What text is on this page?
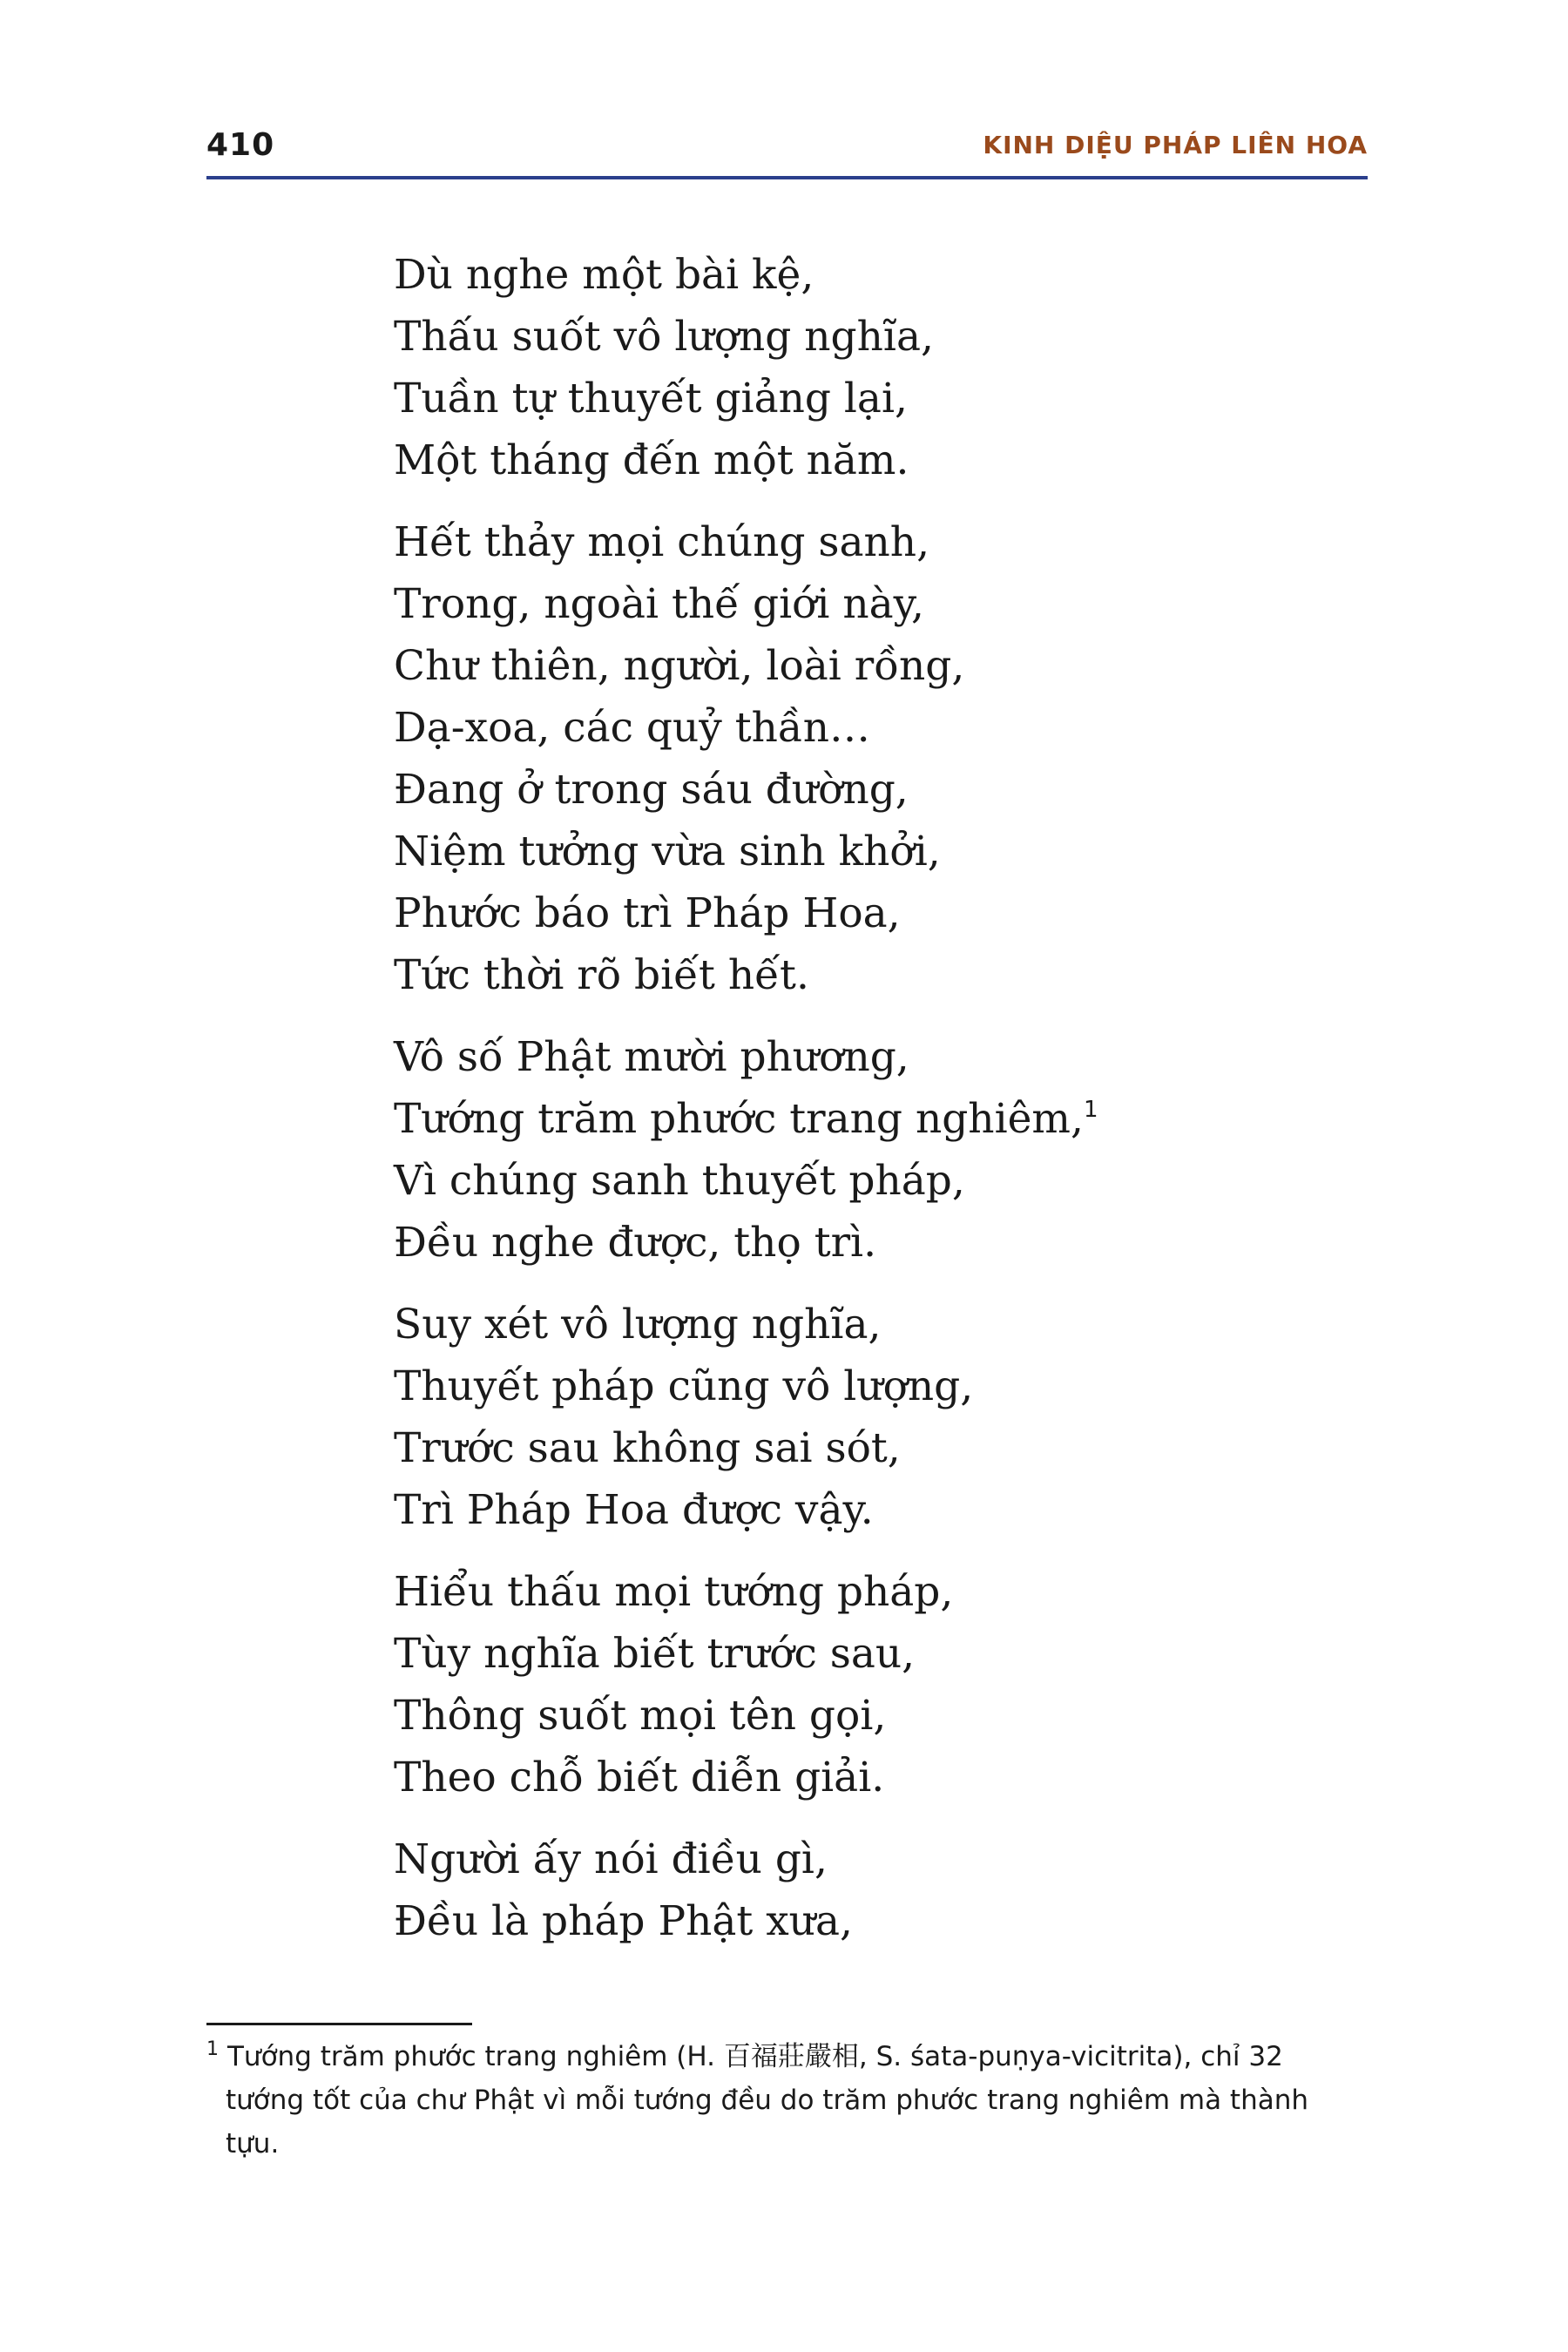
410	KINH DIỆU PHÁP LIÊN HOA
Dù nghe một bài kệ,
Thấu suốt vô lượng nghĩa,
Tuần tự thuyết giảng lại,
Một tháng đến một năm.
Hết thảy mọi chúng sanh,
Trong, ngoài thế giới này,
Chư thiên, người, loài rồng,
Dạ-xoa, các quỷ thần…
Đang ở trong sáu đường,
Niệm tưởng vừa sinh khởi,
Phước báo trì Pháp Hoa,
Tức thời rõ biết hết.
Vô số Phật mười phương,
Tướng trăm phước trang nghiêm,$^1$
Vì chúng sanh thuyết pháp,
Đều nghe được, thọ trì.
Suy xét vô lượng nghĩa,
Thuyết pháp cũng vô lượng,
Trước sau không sai sót,
Trì Pháp Hoa được vậy.
Hiểu thấu mọi tướng pháp,
Tùy nghĩa biết trước sau,
Thông suốt mọi tên gọi,
Theo chỗ biết diễn giải.
Người ấy nói điều gì,
Đều là pháp Phật xưa,
$^1$ Tướng trăm phước trang nghiêm (H. 百福莊嚴相, S. śata-puṇya-vicitrita), chỉ 32
tướng tốt của chư Phật vì mỗi tướng đều do trăm phước trang nghiêm mà thành
tựu.
